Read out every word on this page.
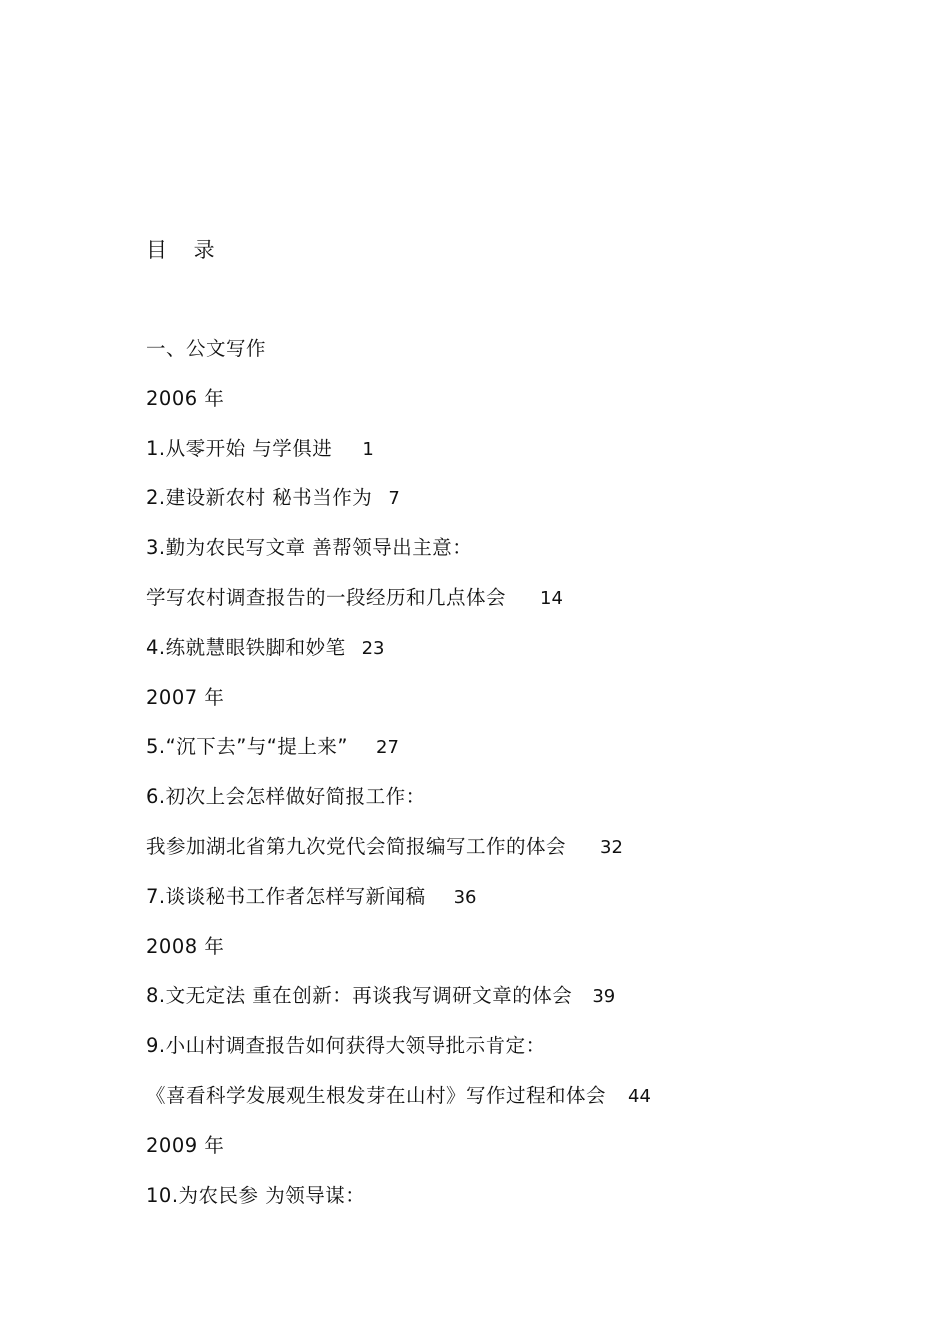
目 录
一、公文写作
2006 年
1.从零开始 与学俱进 1
2.建设新农村 秘书当作为 7
3.勤为农民写文章 善帮领导出主意：
学写农村调查报告的一段经历和几点体会 14
4.练就慧眼铁脚和妙笔 23
2007 年
5.“沉下去”与“提上来” 27
6.初次上会怎样做好简报工作：
我参加湖北省第九次党代会简报编写工作的体会 32
7.谈谈秘书工作者怎样写新闻稿 36
2008 年
8.文无定法 重在创新：再谈我写调研文章的体会 39
9.小山村调查报告如何获得大领导批示肯定：
《喜看科学发展观生根发芽在山村》写作过程和体会 44
2009 年
10.为农民参 为领导谋：
